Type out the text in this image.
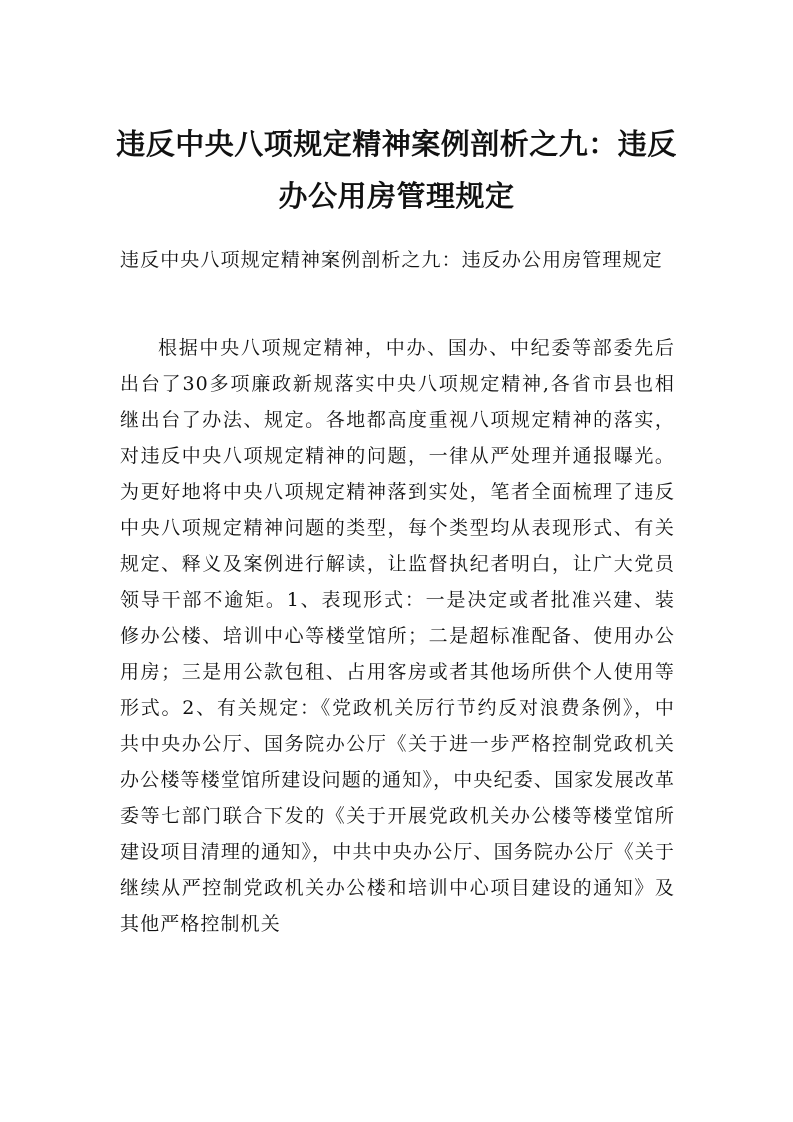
违反中央八项规定精神案例剖析之九：违反办公用房管理规定

违反中央八项规定精神案例剖析之九：违反办公用房管理规定

根据中央八项规定精神，中办、国办、中纪委等部委先后出台了30多项廉政新规落实中央八项规定精神,各省市县也相继出台了办法、规定。各地都高度重视八项规定精神的落实，对违反中央八项规定精神的问题，一律从严处理并通报曝光。为更好地将中央八项规定精神落到实处，笔者全面梳理了违反中央八项规定精神问题的类型，每个类型均从表现形式、有关规定、释义及案例进行解读，让监督执纪者明白，让广大党员领导干部不逾矩。1、表现形式：一是决定或者批准兴建、装修办公楼、培训中心等楼堂馆所；二是超标准配备、使用办公用房；三是用公款包租、占用客房或者其他场所供个人使用等形式。2、有关规定：《党政机关厉行节约反对浪费条例》，中共中央办公厅、国务院办公厅《关于进一步严格控制党政机关办公楼等楼堂馆所建设问题的通知》，中央纪委、国家发展改革委等七部门联合下发的《关于开展党政机关办公楼等楼堂馆所建设项目清理的通知》，中共中央办公厅、国务院办公厅《关于继续从严控制党政机关办公楼和培训中心项目建设的通知》及其他严格控制机关
